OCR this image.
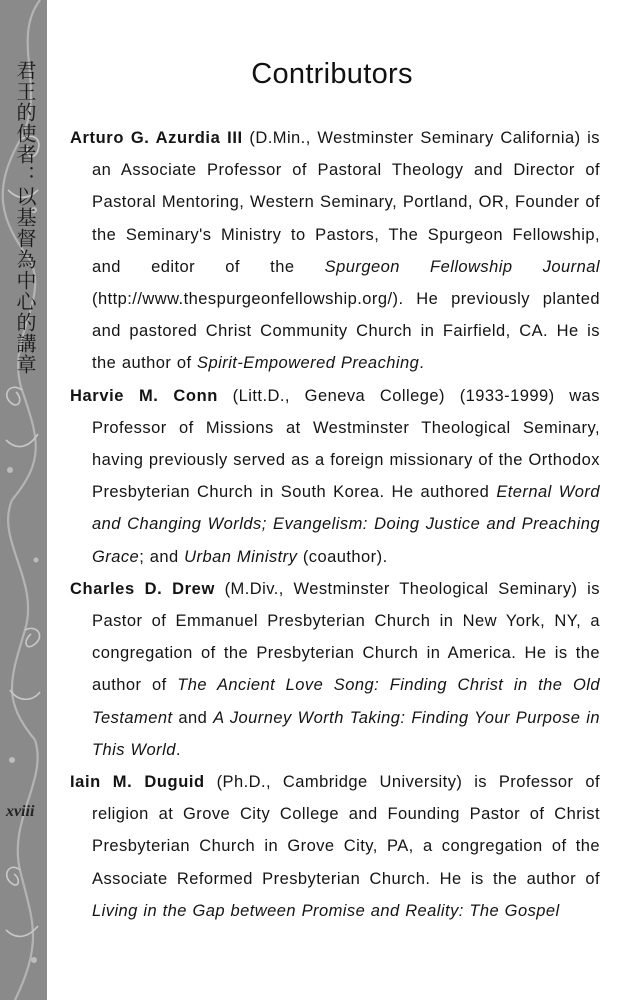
君王的使者：以基督為中心的講章
xviii
Contributors

Arturo G. Azurdia III (D.Min., Westminster Seminary California) is an Associate Professor of Pastoral Theology and Director of Pastoral Mentoring, Western Seminary, Portland, OR, Founder of the Seminary's Ministry to Pastors, The Spurgeon Fellowship, and editor of the Spurgeon Fellowship Journal (http://www.thespurgeonfellowship.org/). He previously planted and pastored Christ Community Church in Fairfield, CA. He is the author of Spirit-Empowered Preaching.

Harvie M. Conn (Litt.D., Geneva College) (1933-1999) was Professor of Missions at Westminster Theological Seminary, having previously served as a foreign missionary of the Orthodox Presbyterian Church in South Korea. He authored Eternal Word and Changing Worlds; Evangelism: Doing Justice and Preaching Grace; and Urban Ministry (coauthor).

Charles D. Drew (M.Div., Westminster Theological Seminary) is Pastor of Emmanuel Presbyterian Church in New York, NY, a congregation of the Presbyterian Church in America. He is the author of The Ancient Love Song: Finding Christ in the Old Testament and A Journey Worth Taking: Finding Your Purpose in This World.

Iain M. Duguid (Ph.D., Cambridge University) is Professor of religion at Grove City College and Founding Pastor of Christ Presbyterian Church in Grove City, PA, a congregation of the Associate Reformed Presbyterian Church. He is the author of Living in the Gap between Promise and Reality: The Gospel
